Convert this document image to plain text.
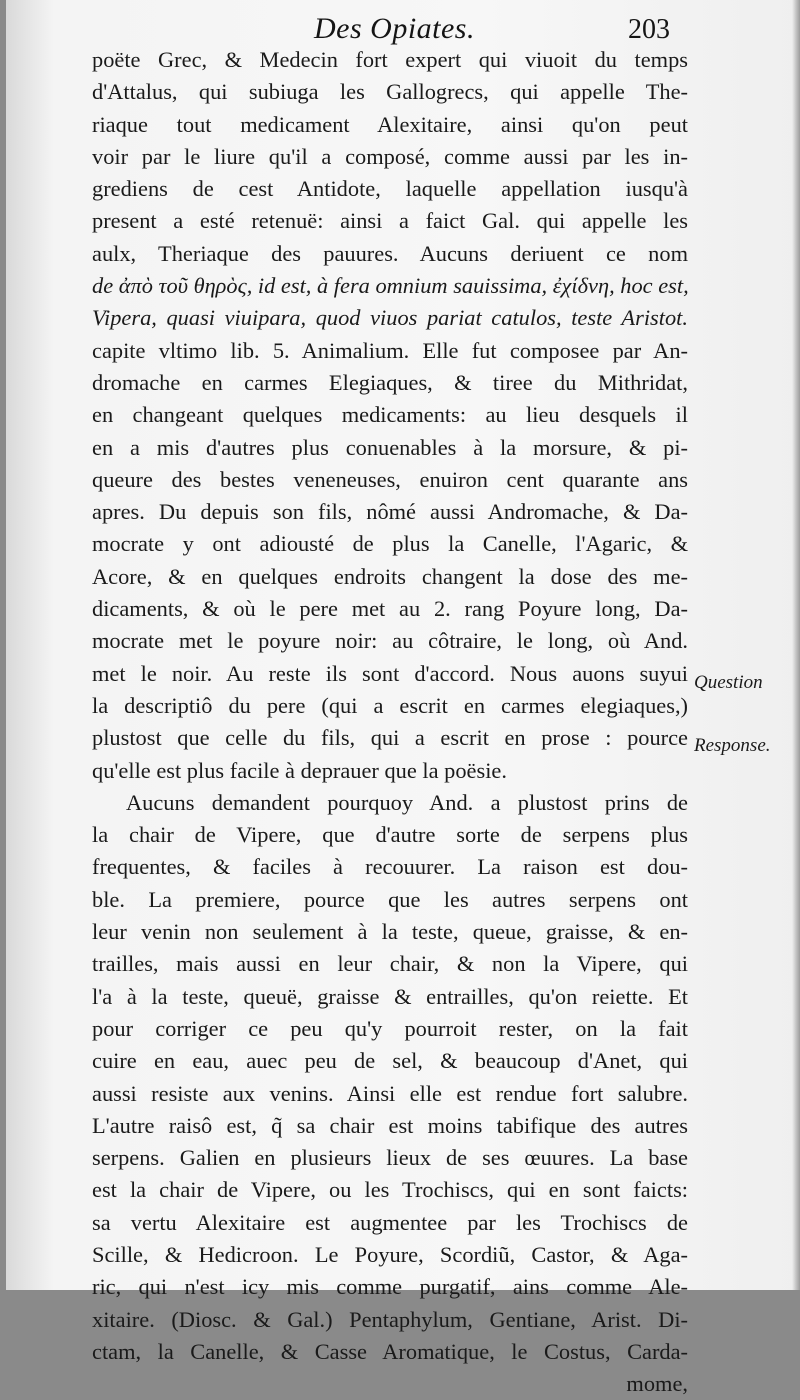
Des Opiates.	203
poëte Grec, & Medecin fort expert qui viuoit du temps
d'Attalus, qui subiuga les Gallogrecs, qui appelle The-
riaque tout medicament Alexitaire, ainsi qu'on peut
voir par le liure qu'il a composé, comme aussi par les in-
grediens de cest Antidote, laquelle appellation iusqu'à
present a esté retenuë: ainsi a faict Gal. qui appelle les
aulx, Theriaque des pauures. Aucuns deriuent ce nom
de ἀπὸ τοῦ θηρὸς, id est, à fera omnium sauissima, ἐχίδνη, hoc est,
Vipera, quasi viuipara, quod viuos pariat catulos, teste Aristot.
capite vltimo lib. 5. Animalium. Elle fut composee par An-
dromache en carmes Elegiaques, & tiree du Mithridat,
en changeant quelques medicaments: au lieu desquels il
en a mis d'autres plus conuenables à la morsure, & pi-
queure des bestes veneneuses, enuiron cent quarante ans
apres. Du depuis son fils, nômé aussi Andromache, & Da-
mocrate y ont adiousté de plus la Canelle, l'Agaric, &
Acore, & en quelques endroits changent la dose des me-
dicaments, & où le pere met au 2. rang Poyure long, Da-
mocrate met le poyure noir: au côtraire, le long, où And.
met le noir. Au reste ils sont d'accord. Nous auons suyui
la descriptiô du pere (qui a escrit en carmes elegiaques,)
plustost que celle du fils, qui a escrit en prose : pource
qu'elle est plus facile à deprauer que la poësie.
Aucuns demandent pourquoy And. a plustost prins de
la chair de Vipere, que d'autre sorte de serpens plus
frequentes, & faciles à recouurer. La raison est dou-
ble. La premiere, pource que les autres serpens ont
leur venin non seulement à la teste, queue, graisse, & en-
trailles, mais aussi en leur chair, & non la Vipere, qui
l'a à la teste, queuë, graisse & entrailles, qu'on reiette. Et
pour corriger ce peu qu'y pourroit rester, on la fait
cuire en eau, auec peu de sel, & beaucoup d'Anet, qui
aussi resiste aux venins. Ainsi elle est rendue fort salubre.
L'autre raisô est, q̃ sa chair est moins tabifique des autres
serpens. Galien en plusieurs lieux de ses œuures. La base
est la chair de Vipere, ou les Trochiscs, qui en sont faicts:
sa vertu Alexitaire est augmentee par les Trochiscs de
Scille, & Hedicroon. Le Poyure, Scordiũ, Castor, & Aga-
ric, qui n'est icy mis comme purgatif, ains comme Ale-
xitaire. (Diosc. & Gal.) Pentaphylum, Gentiane, Arist. Di-
ctam, la Canelle, & Casse Aromatique, le Costus, Carda-
mome,
Question
Response.
